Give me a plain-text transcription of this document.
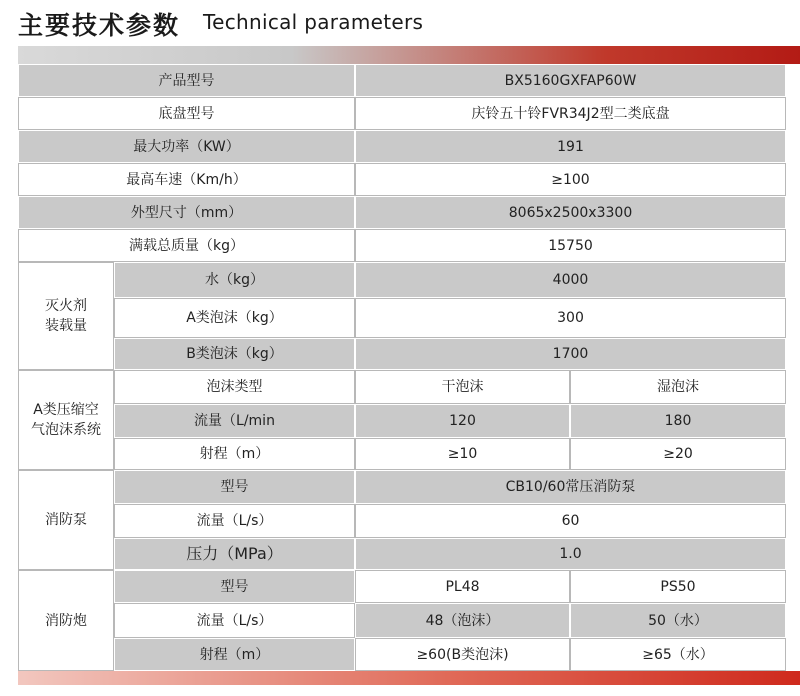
主要技术参数 Technical parameters
产品型号	BX5160GXFAP60W
底盘型号	庆铃五十铃FVR34J2型二类底盘
最大功率（KW）	191
最高车速（Km/h）	≥100
外型尺寸（mm）	8065x2500x3300
满载总质量（kg）	15750
灭火剂
装载量
水（kg）	4000
A类泡沫（kg）	300
B类泡沫（kg）	1700
A类压缩空
气泡沫系统
泡沫类型	干泡沫	湿泡沫
流量（L/min	120	180
射程（m）	≥10	≥20
消防泵
型号	CB10/60常压消防泵
流量（L/s）	60
压力（MPa）	1.0
消防炮
型号	PL48	PS50
流量（L/s）	48（泡沫）	50（水）
射程（m）	≥60(B类泡沫)	≥65（水）
